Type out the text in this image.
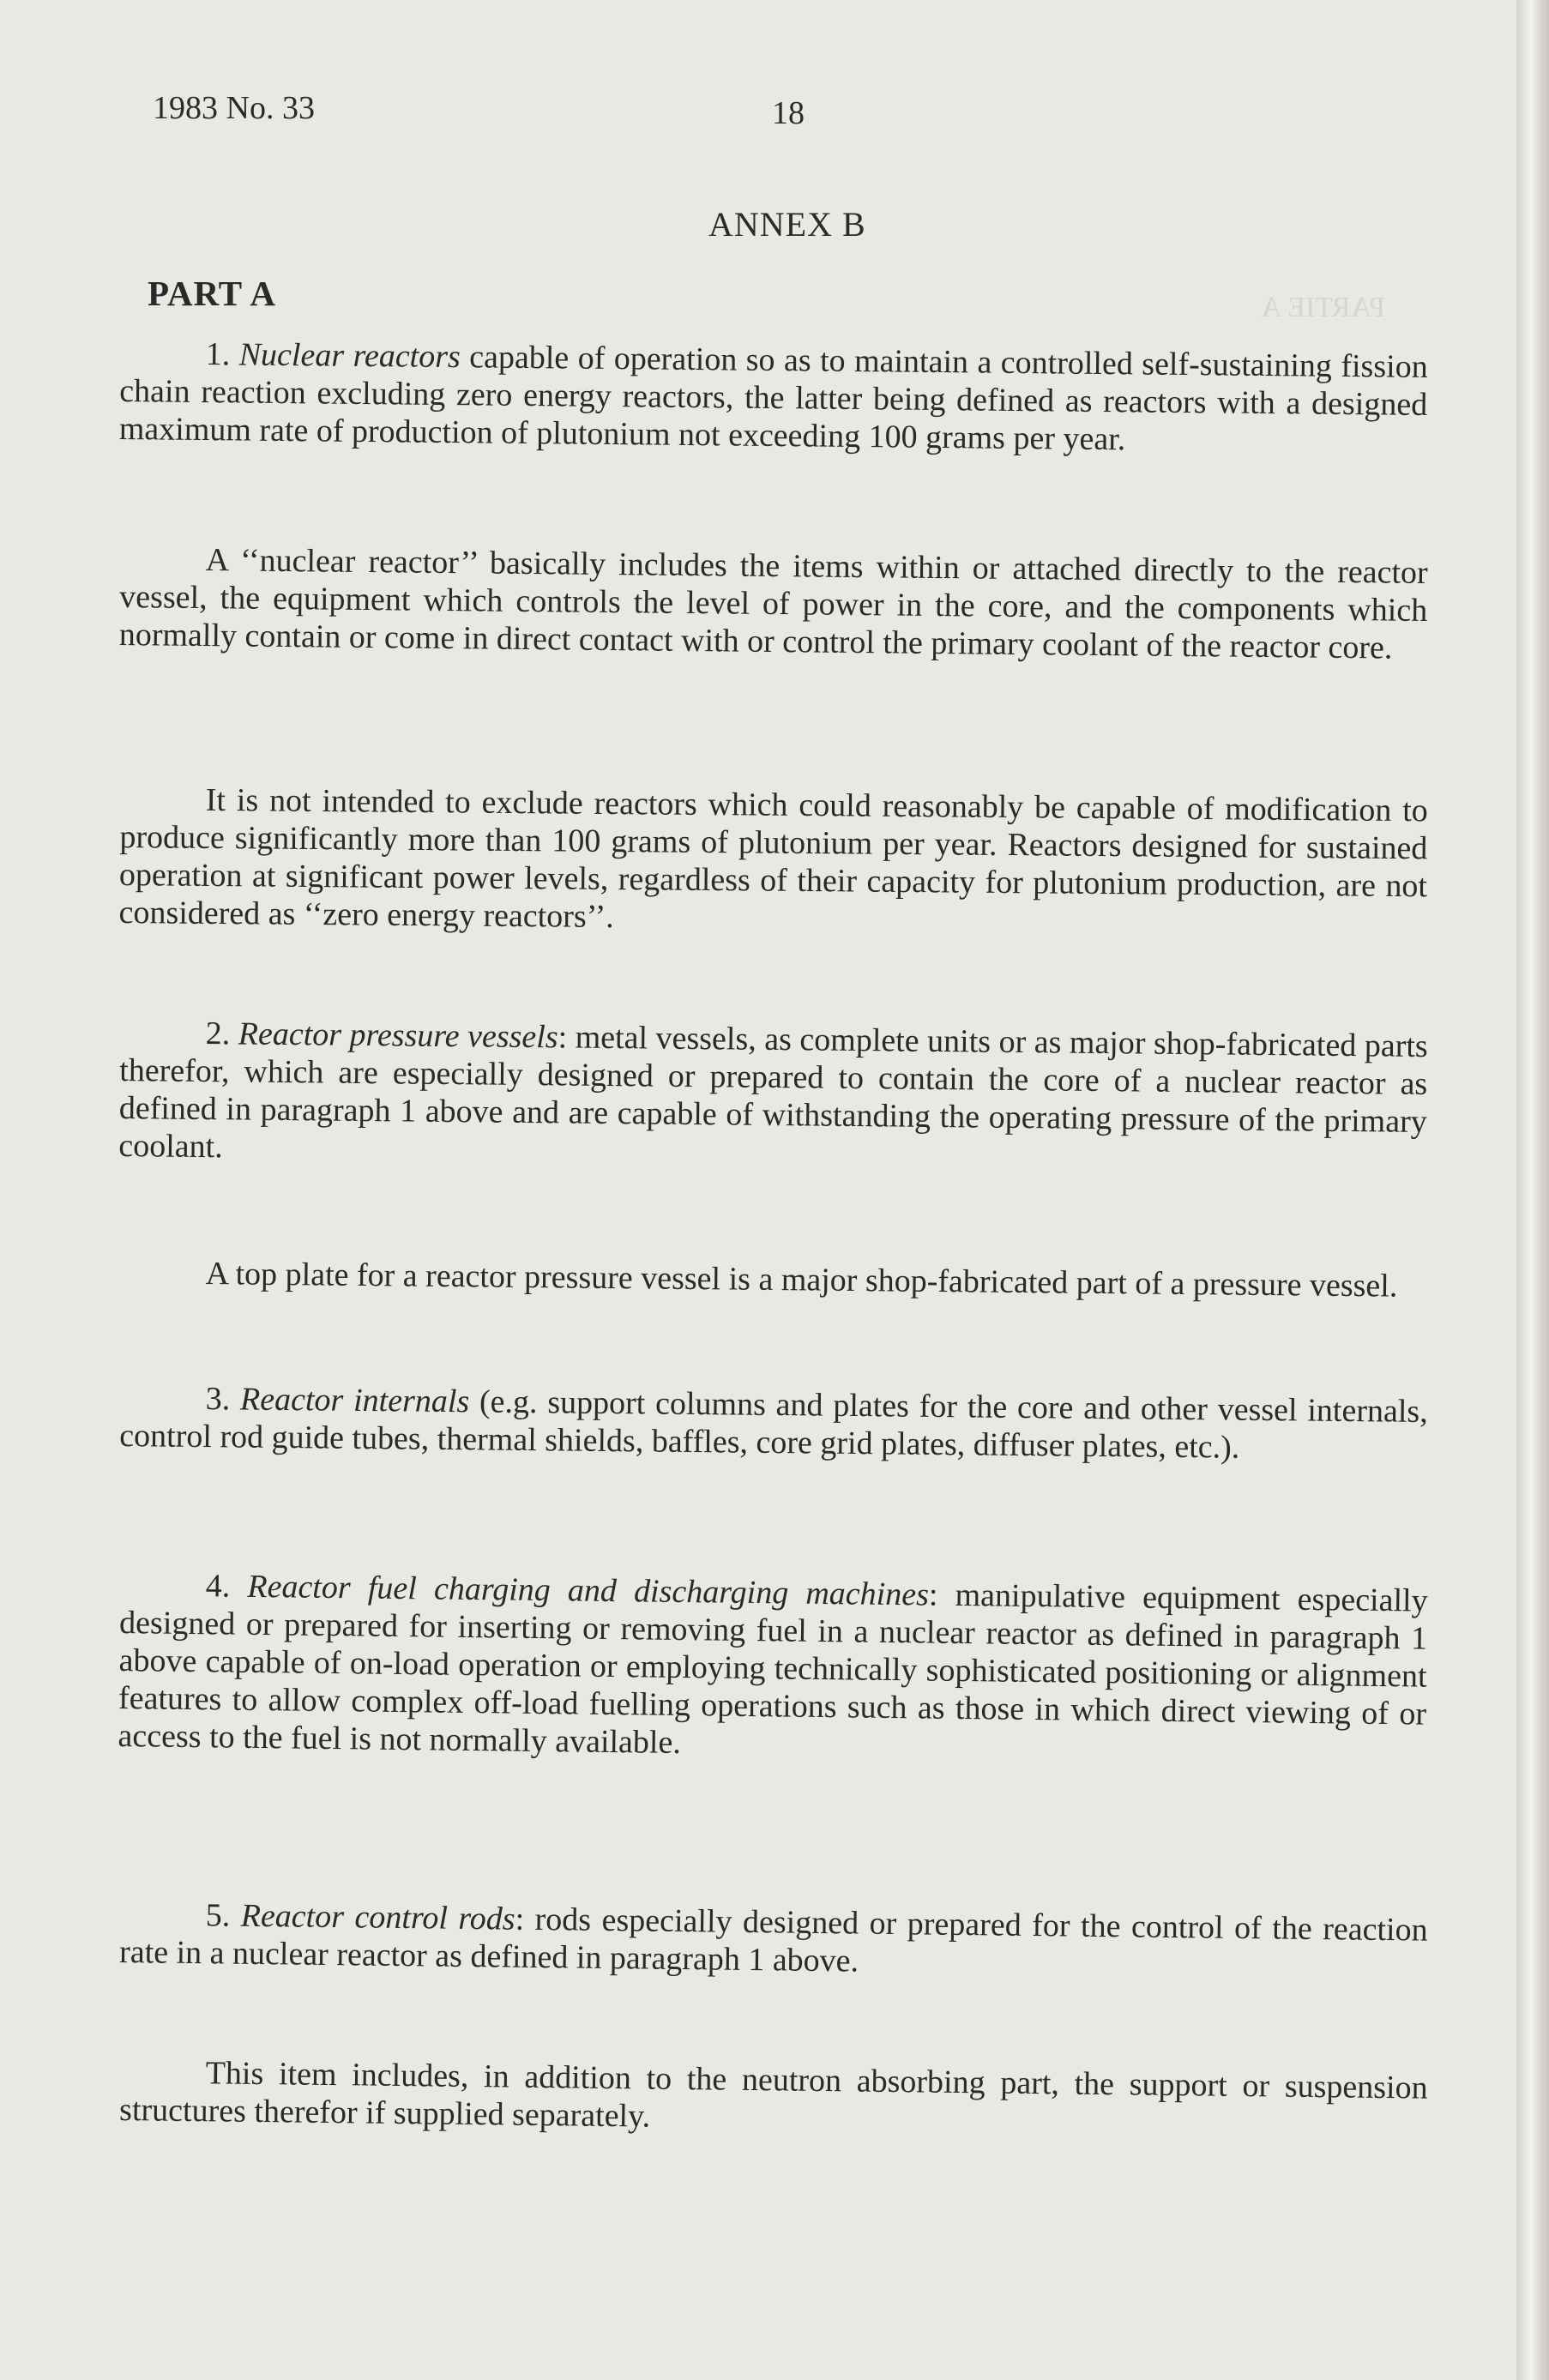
PARTIE A
1983 No. 33	18
ANNEX B
PART A
1. Nuclear reactors capable of operation so as to maintain a controlled self-sustaining fission chain reaction excluding zero energy reactors, the latter being defined as reactors with a designed maximum rate of production of plutonium not exceeding 100 grams per year.
A ‘‘nuclear reactor’’ basically includes the items within or attached directly to the reactor vessel, the equipment which controls the level of power in the core, and the components which normally contain or come in direct contact with or control the primary coolant of the reactor core.
It is not intended to exclude reactors which could reasonably be capable of modification to produce significantly more than 100 grams of plutonium per year. Reactors designed for sustained operation at significant power levels, regardless of their capacity for plutonium production, are not considered as ‘‘zero energy reactors’’.
2. Reactor pressure vessels: metal vessels, as complete units or as major shop-fabricated parts therefor, which are especially designed or prepared to contain the core of a nuclear reactor as defined in paragraph 1 above and are capable of withstanding the operating pressure of the primary coolant.
A top plate for a reactor pressure vessel is a major shop-fabricated part of a pressure vessel.
3. Reactor internals (e.g. support columns and plates for the core and other vessel internals, control rod guide tubes, thermal shields, baffles, core grid plates, diffuser plates, etc.).
4. Reactor fuel charging and discharging machines: manipulative equipment especially designed or prepared for inserting or removing fuel in a nuclear reactor as defined in paragraph 1 above capable of on-load operation or employing technically sophisticated positioning or alignment features to allow complex off-load fuelling operations such as those in which direct viewing of or access to the fuel is not normally available.
5. Reactor control rods: rods especially designed or prepared for the control of the reaction rate in a nuclear reactor as defined in paragraph 1 above.
This item includes, in addition to the neutron absorbing part, the support or suspension structures therefor if supplied separately.
